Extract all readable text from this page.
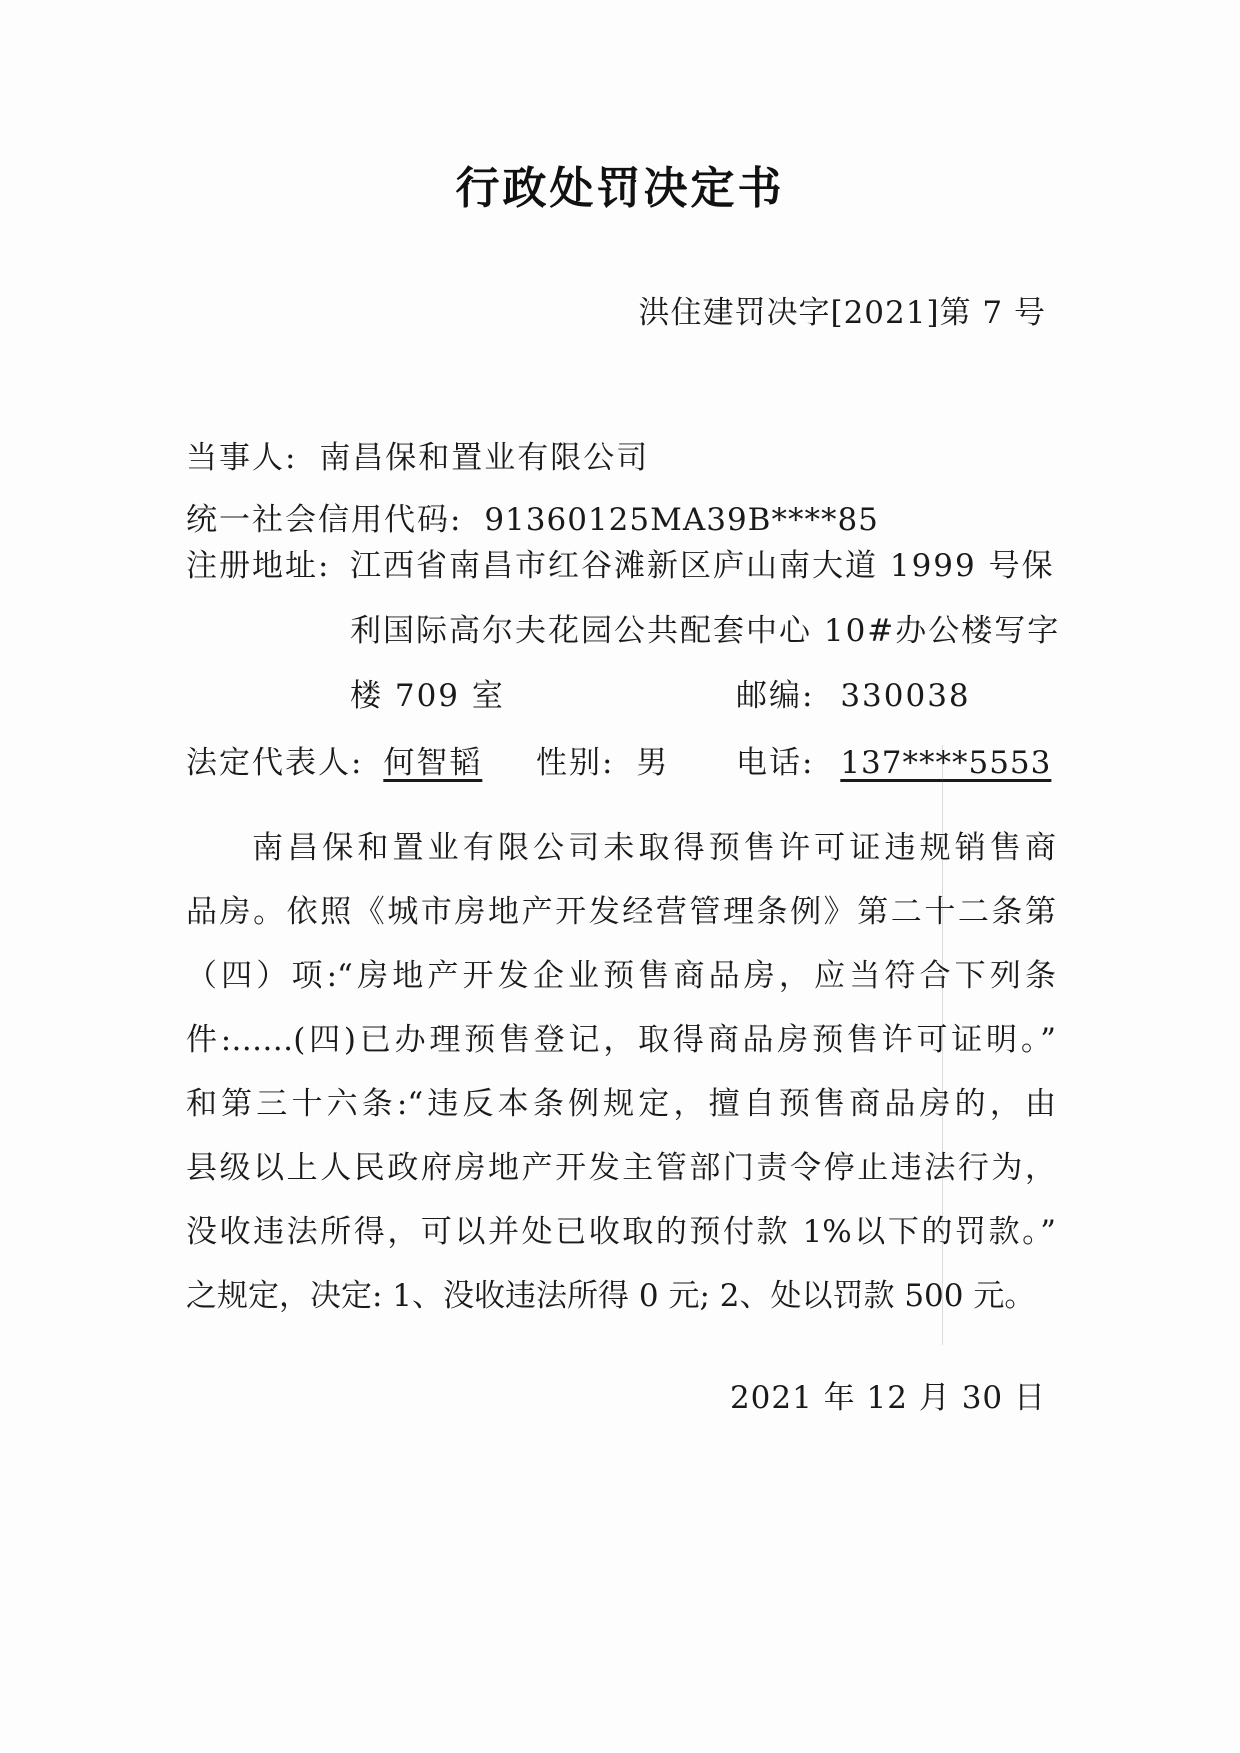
行政处罚决定书
洪住建罚决字[2021]第 7 号
当事人: 南昌保和置业有限公司
统一社会信用代码: 91360125MA39B****85
注册地址: 江西省南昌市红谷滩新区庐山南大道 1999 号保
利国际高尔夫花园公共配套中心 10#办公楼写字
楼 709 室	邮编: 330038
法定代表人: 何智韬 性别: 男 电话: 137****5553
南昌保和置业有限公司未取得预售许可证违规销售商
品房。依照《城市房地产开发经营管理条例》第二十二条第
（四）项:“房地产开发企业预售商品房，应当符合下列条
件:……(四)已办理预售登记，取得商品房预售许可证明。”
和第三十六条:“违反本条例规定，擅自预售商品房的，由
县级以上人民政府房地产开发主管部门责令停止违法行为，
没收违法所得，可以并处已收取的预付款 1%以下的罚款。”
之规定，决定: 1、没收违法所得 0 元; 2、处以罚款 500 元。
2021 年 12 月 30 日
